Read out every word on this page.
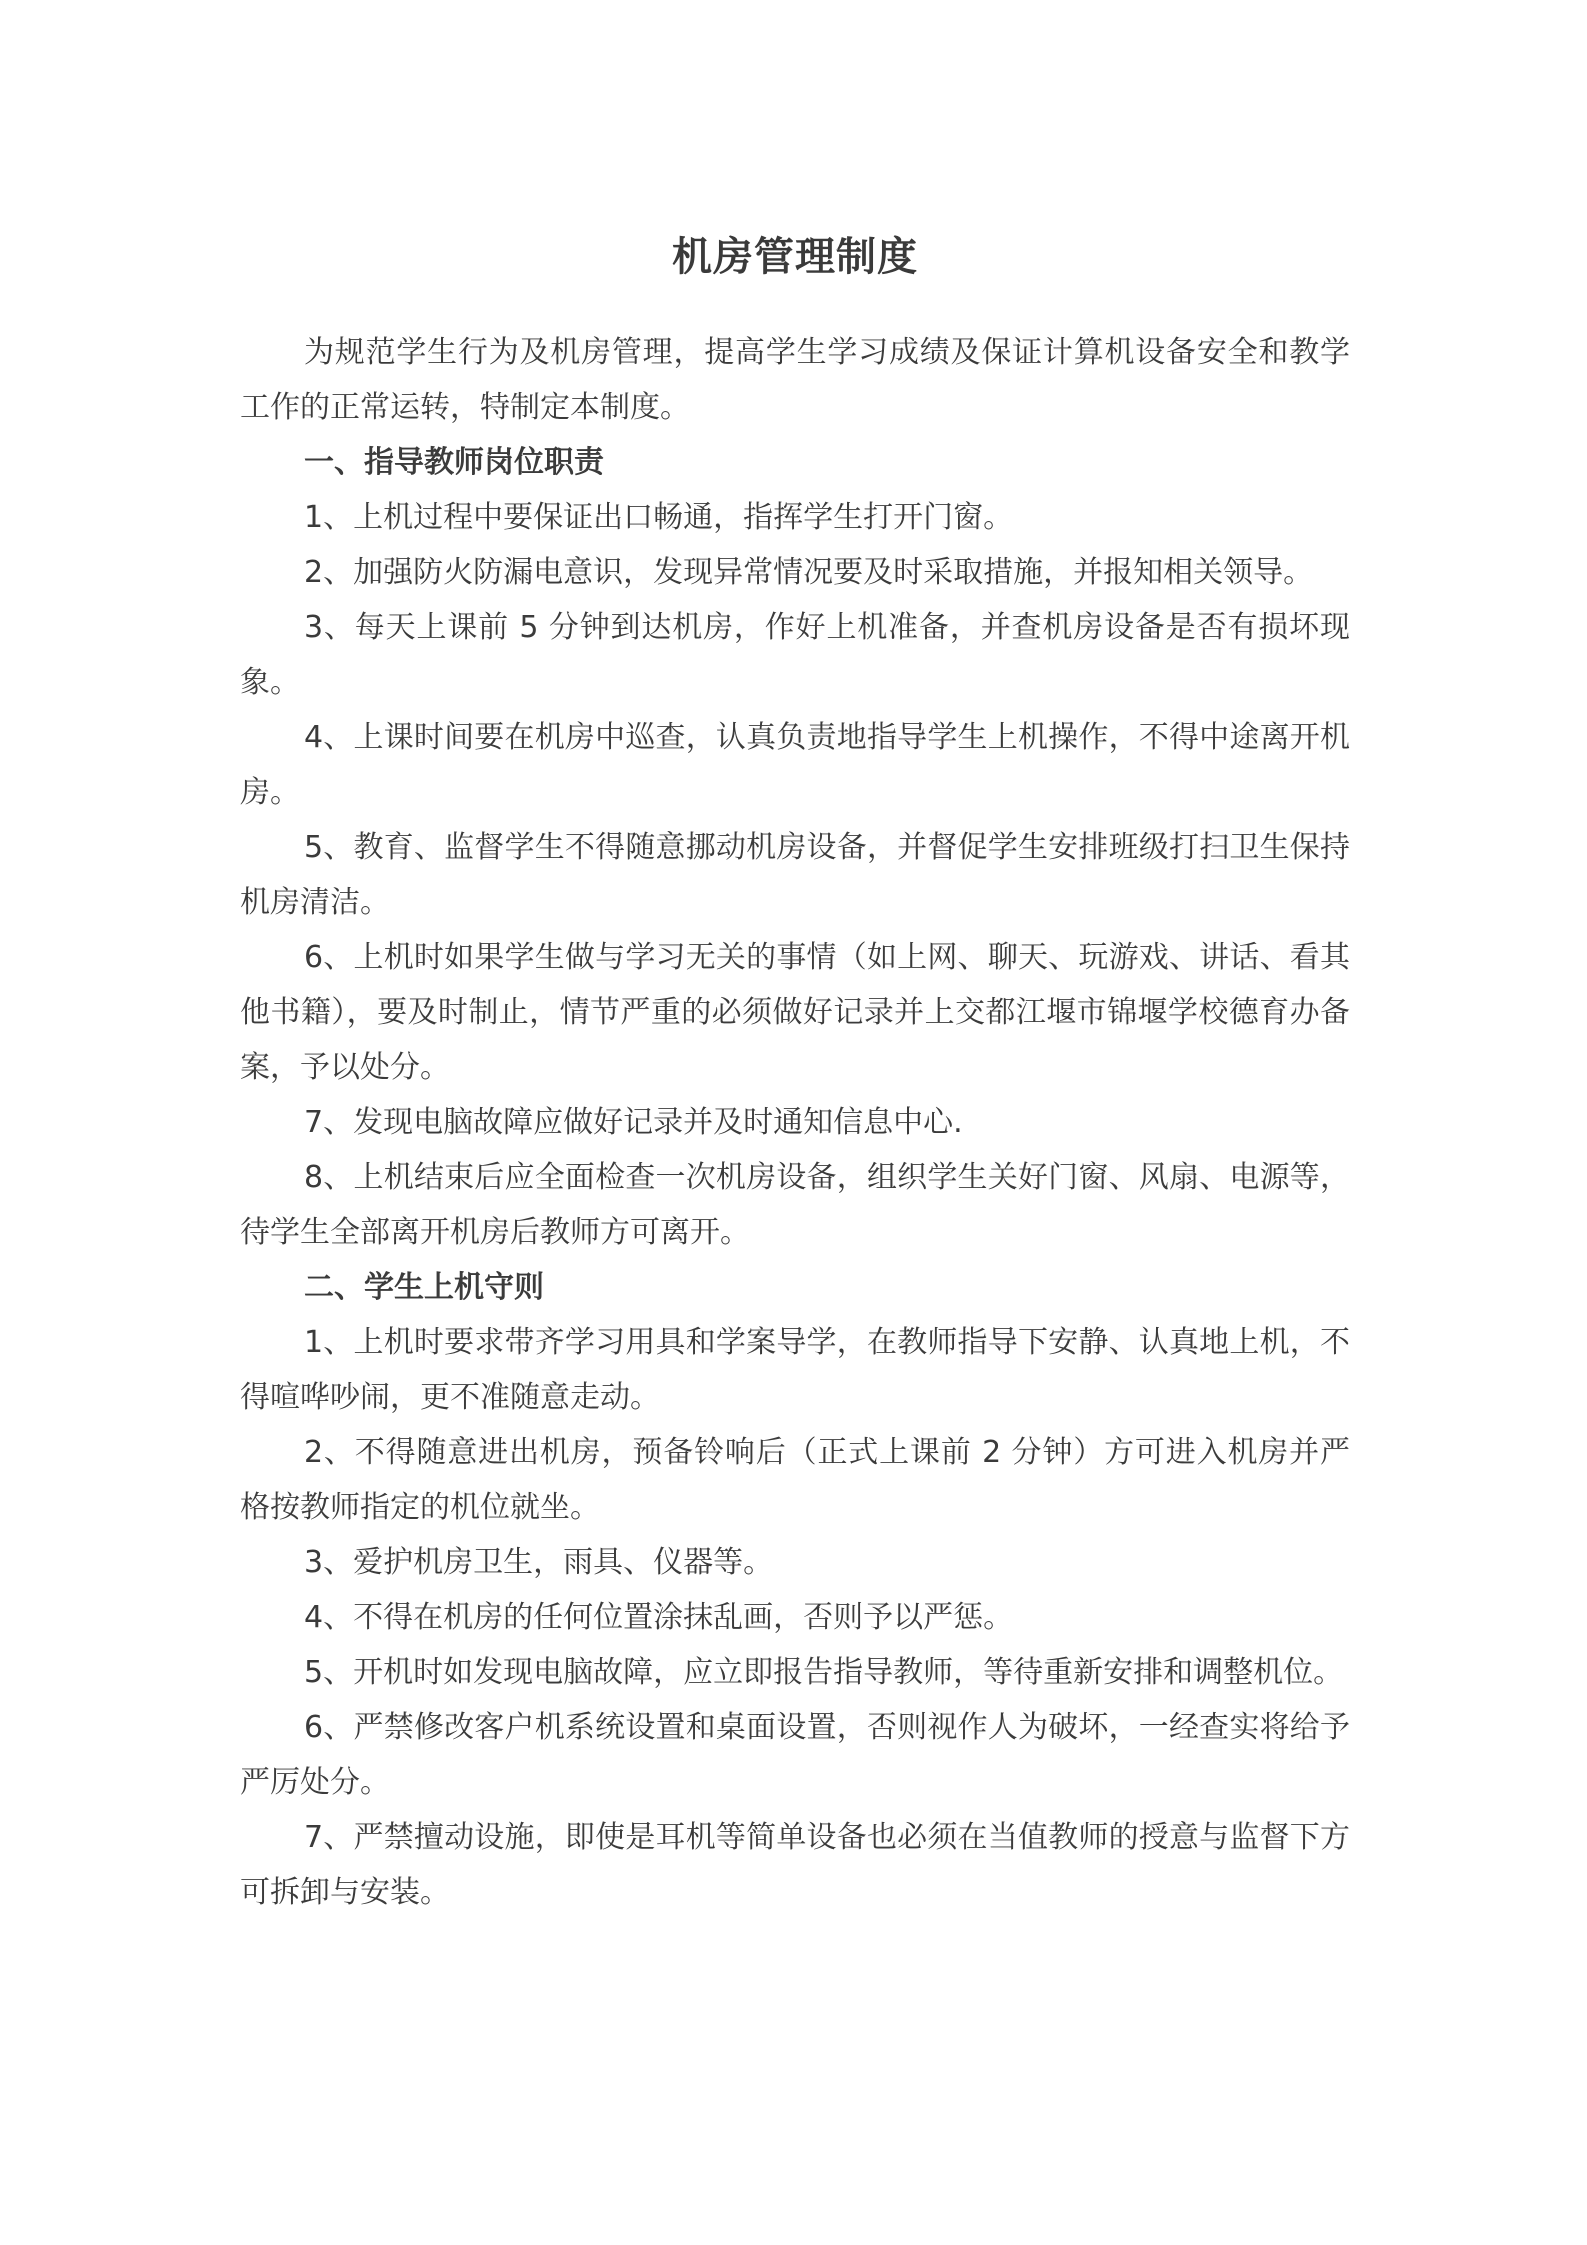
机房管理制度

为规范学生行为及机房管理，提高学生学习成绩及保证计算机设备安全和教学工作的正常运转，特制定本制度。

一、指导教师岗位职责

1、上机过程中要保证出口畅通，指挥学生打开门窗。

2、加强防火防漏电意识，发现异常情况要及时采取措施，并报知相关领导。

3、每天上课前 5 分钟到达机房，作好上机准备，并查机房设备是否有损坏现象。

4、上课时间要在机房中巡查，认真负责地指导学生上机操作，不得中途离开机房。

5、教育、监督学生不得随意挪动机房设备，并督促学生安排班级打扫卫生保持机房清洁。

6、上机时如果学生做与学习无关的事情（如上网、聊天、玩游戏、讲话、看其他书籍），要及时制止，情节严重的必须做好记录并上交都江堰市锦堰学校德育办备案，予以处分。

7、发现电脑故障应做好记录并及时通知信息中心.

8、上机结束后应全面检查一次机房设备，组织学生关好门窗、风扇、电源等，待学生全部离开机房后教师方可离开。

二、学生上机守则

1、上机时要求带齐学习用具和学案导学，在教师指导下安静、认真地上机，不得喧哗吵闹，更不准随意走动。

2、不得随意进出机房，预备铃响后（正式上课前 2 分钟）方可进入机房并严格按教师指定的机位就坐。

3、爱护机房卫生，雨具、仪器等。

4、不得在机房的任何位置涂抹乱画，否则予以严惩。

5、开机时如发现电脑故障，应立即报告指导教师，等待重新安排和调整机位。

6、严禁修改客户机系统设置和桌面设置，否则视作人为破坏，一经查实将给予严厉处分。

7、严禁擅动设施，即使是耳机等简单设备也必须在当值教师的授意与监督下方可拆卸与安装。
